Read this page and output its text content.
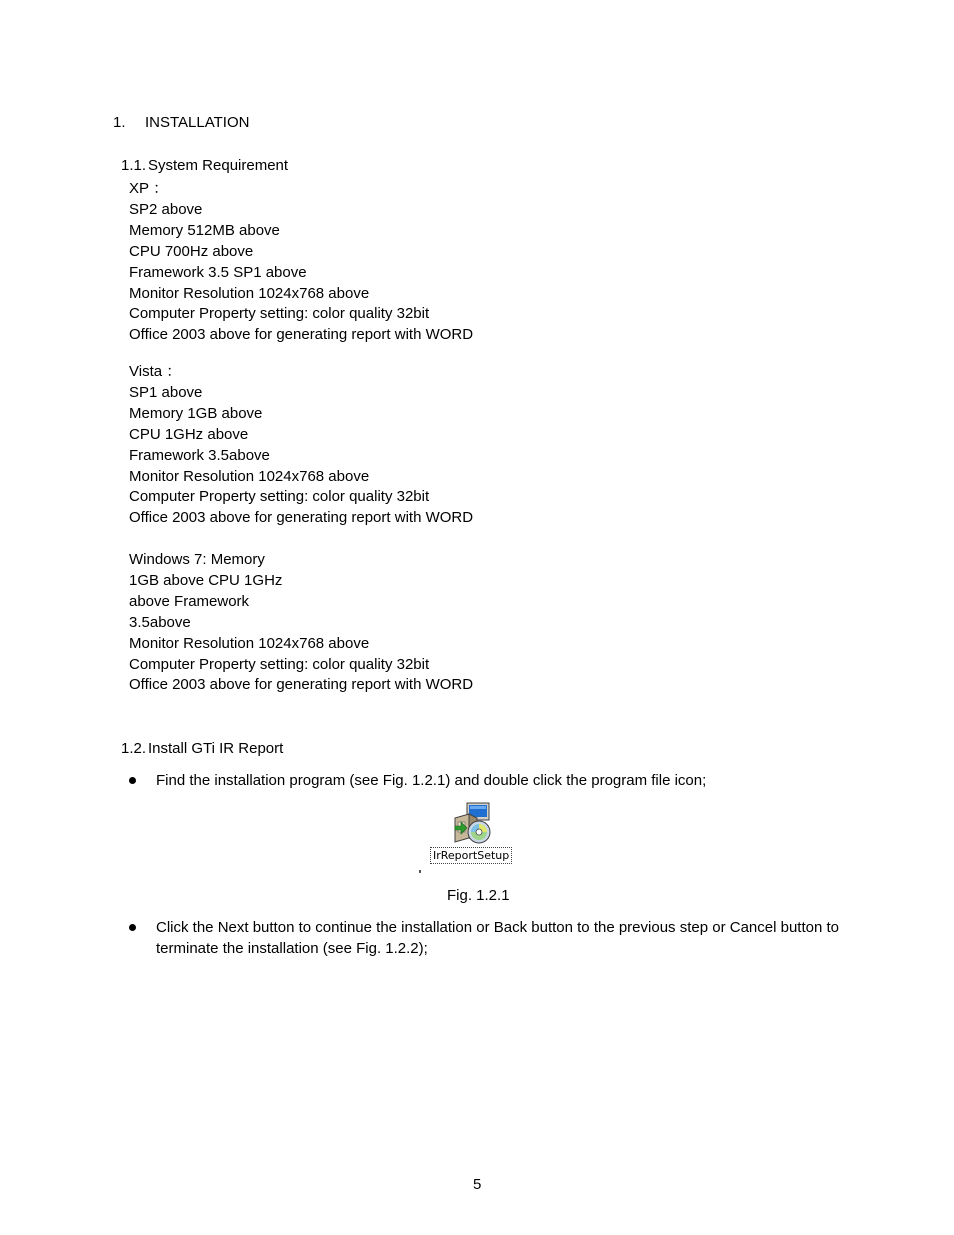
1. INSTALLATION
1.1. System Requirement
XP ：
SP2 above
Memory 512MB above
CPU 700Hz above
Framework 3.5 SP1 above
Monitor Resolution 1024x768 above
Computer Property setting: color quality 32bit
Office 2003 above for generating report with WORD
Vista ：
SP1 above
Memory 1GB above
CPU 1GHz above
Framework 3.5above
Monitor Resolution 1024x768 above
Computer Property setting: color quality 32bit
Office 2003 above for generating report with WORD
Windows 7: Memory
1GB above CPU 1GHz
above Framework
3.5above
Monitor Resolution 1024x768 above
Computer Property setting: color quality 32bit
Office 2003 above for generating report with WORD
1.2. Install GTi IR Report
Find the installation program (see Fig. 1.2.1) and double click the program file icon;
IrReportSetup
Fig. 1.2.1
Click the Next button to continue the installation or Back button to the previous step or Cancel button to terminate the installation (see Fig. 1.2.2);
5
